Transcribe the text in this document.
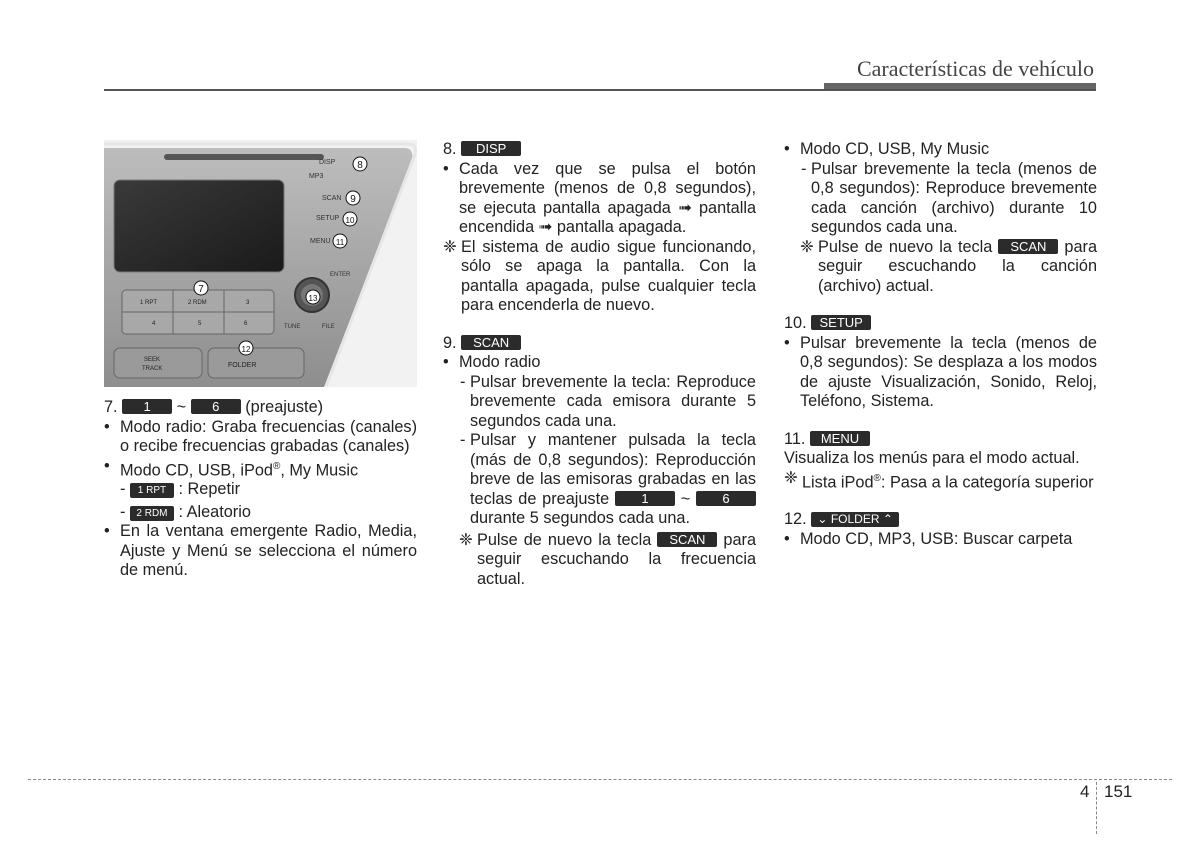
Características de vehículo
MP3
DISP
SCAN
SETUP
MENU
ENTER
TUNE	FILE
1 RPT	2 RDM	3
4	5	6
SEEK
TRACK	FOLDER
8
9
10
11
7
13
12
7. 1 ~ 6 (preajuste)
• Modo radio: Graba frecuencias (canales) o recibe frecuencias grabadas (canales)
• Modo CD, USB, iPod®, My Music
- 1 RPT : Repetir
- 2 RDM : Aleatorio
• En la ventana emergente Radio, Media, Ajuste y Menú se selecciona el número de menú.
8. DISP
• Cada vez que se pulsa el botón brevemente (menos de 0,8 segundos), se ejecuta pantalla apagada ➟ pantalla encendida ➟ pantalla apagada.
❈ El sistema de audio sigue funcionando, sólo se apaga la pantalla. Con la pantalla apagada, pulse cualquier tecla para encenderla de nuevo.
9. SCAN
• Modo radio
- Pulsar brevemente la tecla: Reproduce brevemente cada emisora durante 5 segundos cada una.
- Pulsar y mantener pulsada la tecla (más de 0,8 segundos): Reproducción breve de las emisoras grabadas en las teclas de preajuste 1 ~ 6 durante 5 segundos cada una.
❈ Pulse de nuevo la tecla SCAN para seguir escuchando la frecuencia actual.
• Modo CD, USB, My Music
- Pulsar brevemente la tecla (menos de 0,8 segundos): Reproduce brevemente cada canción (archivo) durante 10 segundos cada una.
❈ Pulse de nuevo la tecla SCAN para seguir escuchando la canción (archivo) actual.
10. SETUP
• Pulsar brevemente la tecla (menos de 0,8 segundos): Se desplaza a los modos de ajuste Visualización, Sonido, Reloj, Teléfono, Sistema.
11. MENU
Visualiza los menús para el modo actual.
❈ Lista iPod®: Pasa a la categoría superior
12. ⌄ FOLDER ⌃
• Modo CD, MP3, USB: Buscar carpeta
4 151
